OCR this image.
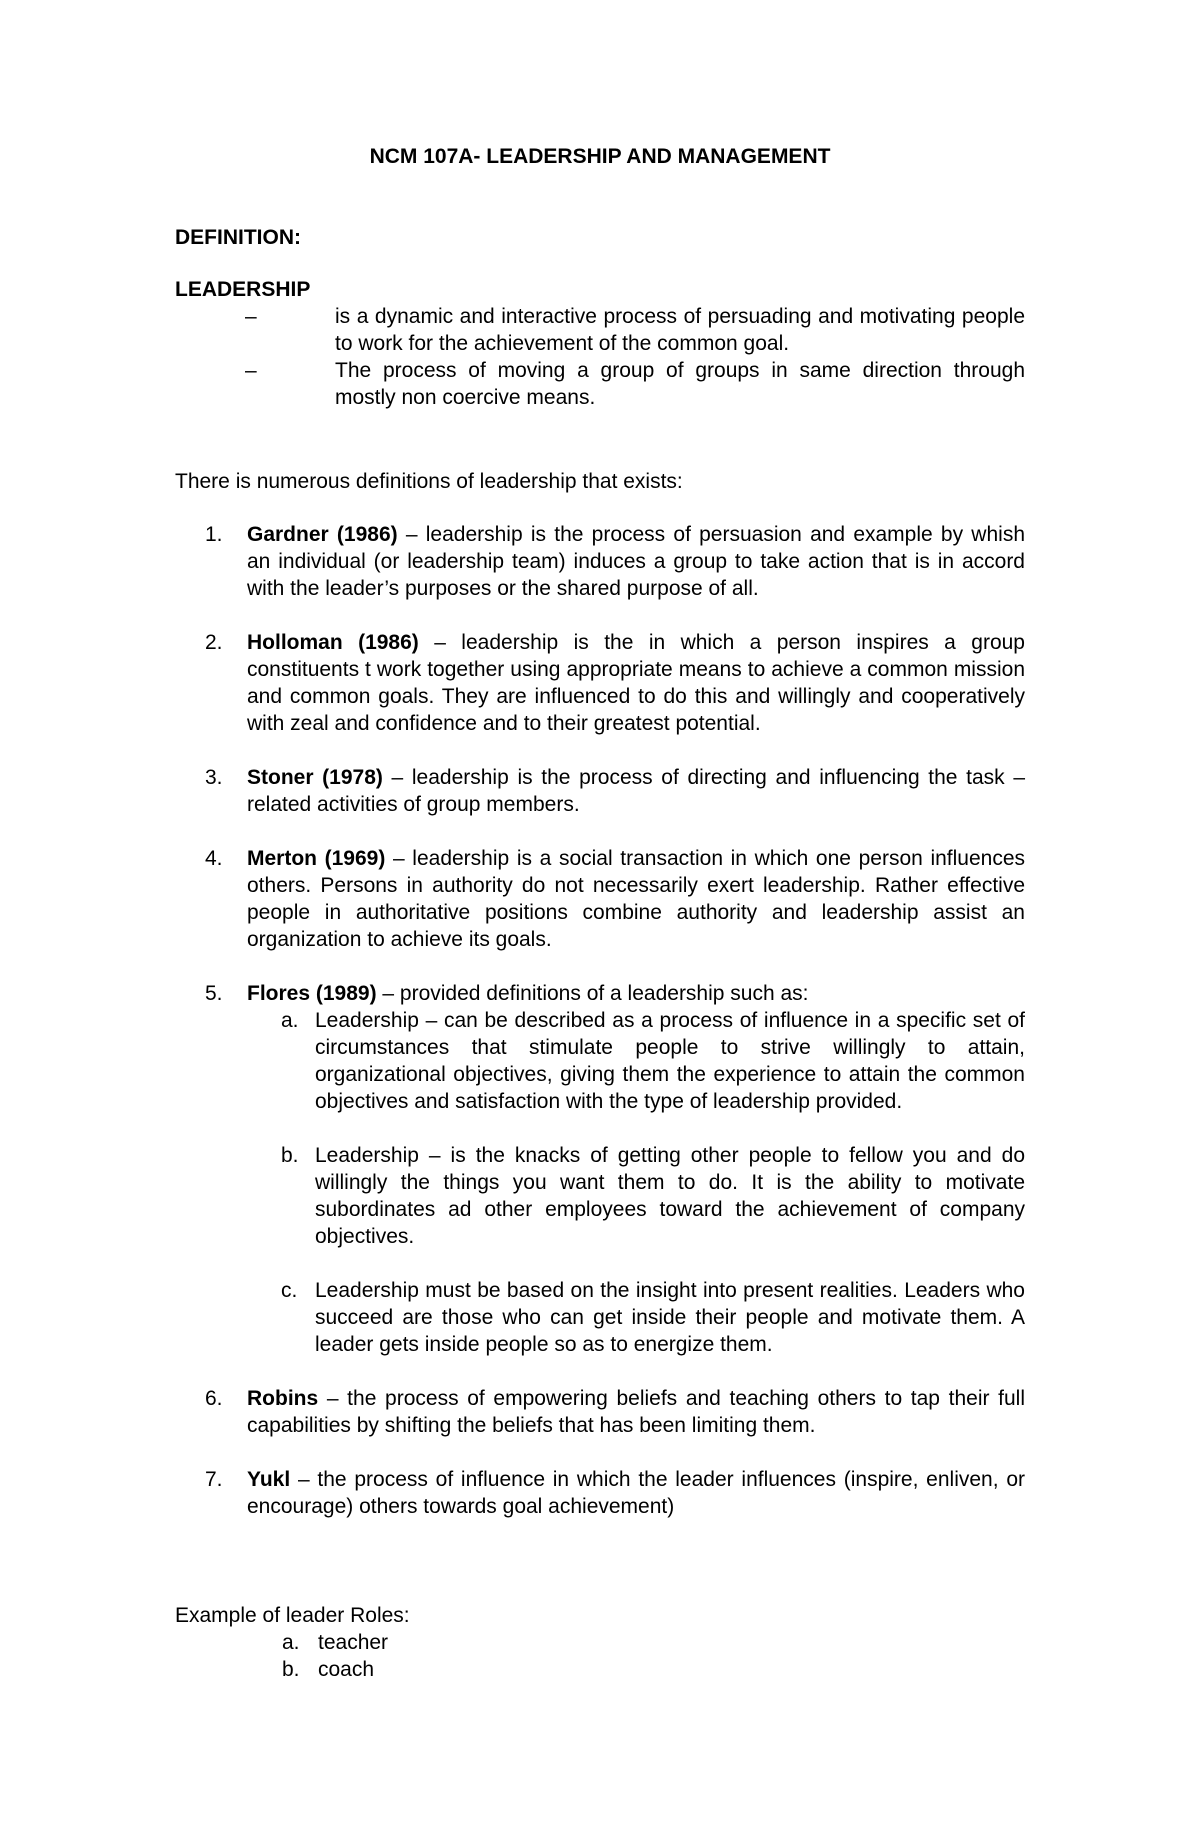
NCM 107A- LEADERSHIP AND MANAGEMENT
DEFINITION:
LEADERSHIP
–	is a dynamic and interactive process of persuading and motivating people to work for the achievement of the common goal.
–	The process of moving a group of groups in same direction through mostly non coercive means.
There is numerous definitions of leadership that exists:
1.	Gardner (1986) – leadership is the process of persuasion and example by whish an individual (or leadership team) induces a group to take action that is in accord with the leader’s purposes or the shared purpose of all.
2.	Holloman (1986) – leadership is the in which a person inspires a group constituents t work together using appropriate means to achieve a common mission and common goals. They are influenced to do this and willingly and cooperatively with zeal and confidence and to their greatest potential.
3.	Stoner (1978) – leadership is the process of directing and influencing the task – related activities of group members.
4.	Merton (1969) – leadership is a social transaction in which one person influences others. Persons in authority do not necessarily exert leadership. Rather effective people in authoritative positions combine authority and leadership assist an organization to achieve its goals.
5.	Flores (1989) – provided definitions of a leadership such as:
a. Leadership – can be described as a process of influence in a specific set of circumstances that stimulate people to strive willingly to attain, organizational objectives, giving them the experience to attain the common objectives and satisfaction with the type of leadership provided.
b. Leadership – is the knacks of getting other people to fellow you and do willingly the things you want them to do. It is the ability to motivate subordinates ad other employees toward the achievement of company objectives.
c. Leadership must be based on the insight into present realities. Leaders who succeed are those who can get inside their people and motivate them. A leader gets inside people so as to energize them.
6.	Robins – the process of empowering beliefs and teaching others to tap their full capabilities by shifting the beliefs that has been limiting them.
7.	Yukl – the process of influence in which the leader influences (inspire, enliven, or encourage) others towards goal achievement)
Example of leader Roles:
a. teacher
b. coach
